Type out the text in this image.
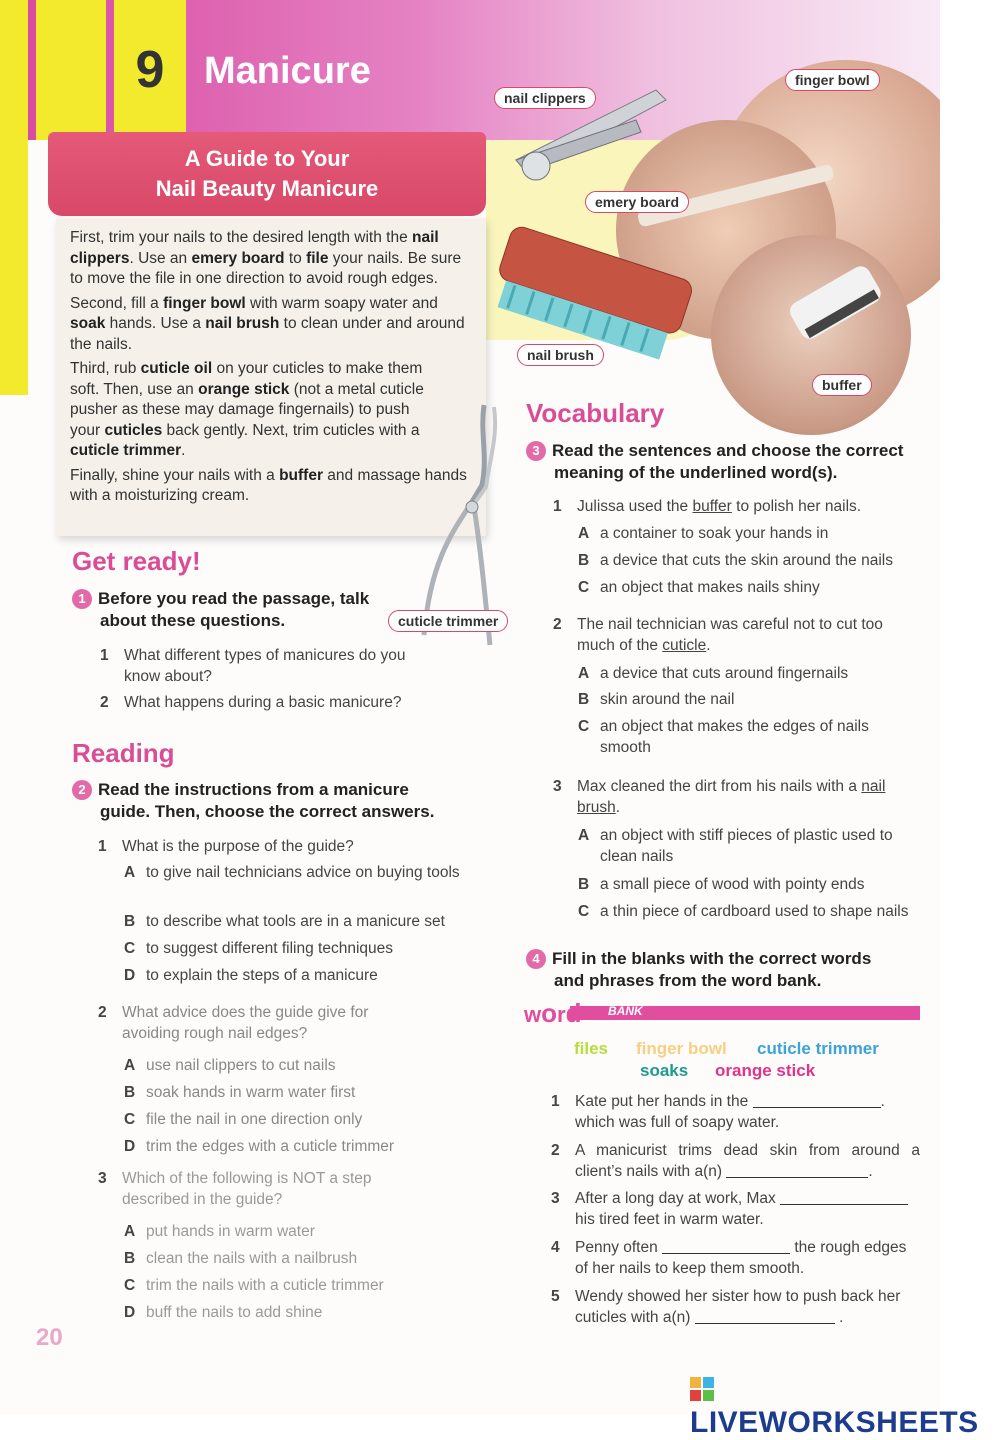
9	Manicure
nail clippers
finger bowl
emery board
nail brush
buffer
A Guide to Your
Nail Beauty Manicure

First, trim your nails to the desired length with the nail clippers. Use an emery board to file your nails. Be sure to move the file in one direction to avoid rough edges.

Second, fill a finger bowl with warm soapy water and soak hands. Use a nail brush to clean under and around the nails.

Third, rub cuticle oil on your cuticles to make them soft. Then, use an orange stick (not a metal cuticle pusher as these may damage fingernails) to push your cuticles back gently. Next, trim cuticles with a cuticle trimmer.

Finally, shine your nails with a buffer and massage hands with a moisturizing cream.

cuticle trimmer
Get ready!
1 Before you read the passage, talk
about these questions.
1 What different types of manicures do you know about?
2 What happens during a basic manicure?
Reading
2 Read the instructions from a manicure
guide. Then, choose the correct answers.
1 What is the purpose of the guide?
A to give nail technicians advice on buying tools
B to describe what tools are in a manicure set
C to suggest different filing techniques
D to explain the steps of a manicure
2 What advice does the guide give for avoiding rough nail edges?
A use nail clippers to cut nails
B soak hands in warm water first
C file the nail in one direction only
D trim the edges with a cuticle trimmer
3 Which of the following is NOT a step described in the guide?
A put hands in warm water
B clean the nails with a nailbrush
C trim the nails with a cuticle trimmer
D buff the nails to add shine
Vocabulary
3 Read the sentences and choose the correct
meaning of the underlined word(s).
1 Julissa used the buffer to polish her nails.
A a container to soak your hands in
B a device that cuts the skin around the nails
C an object that makes nails shiny
2 The nail technician was careful not to cut too much of the cuticle.
A a device that cuts around fingernails
B skin around the nail
C an object that makes the edges of nails smooth
3 Max cleaned the dirt from his nails with a nail brush.
A an object with stiff pieces of plastic used to clean nails
B a small piece of wood with pointy ends
C a thin piece of cardboard used to shape nails
4 Fill in the blanks with the correct words
and phrases from the word bank.
word BANK
files finger bowl cuticle trimmer
soaks orange stick
1 Kate put her hands in the	.
which was full of soapy water.
2 A manicurist trims dead skin from around a client’s nails with a(n)	.
3 After a long day at work, Max
his tired feet in warm water.
4 Penny often	the rough edges
of her nails to keep them smooth.
5 Wendy showed her sister how to push back her cuticles with a(n)	.
20
LIVEWORKSHEETS
